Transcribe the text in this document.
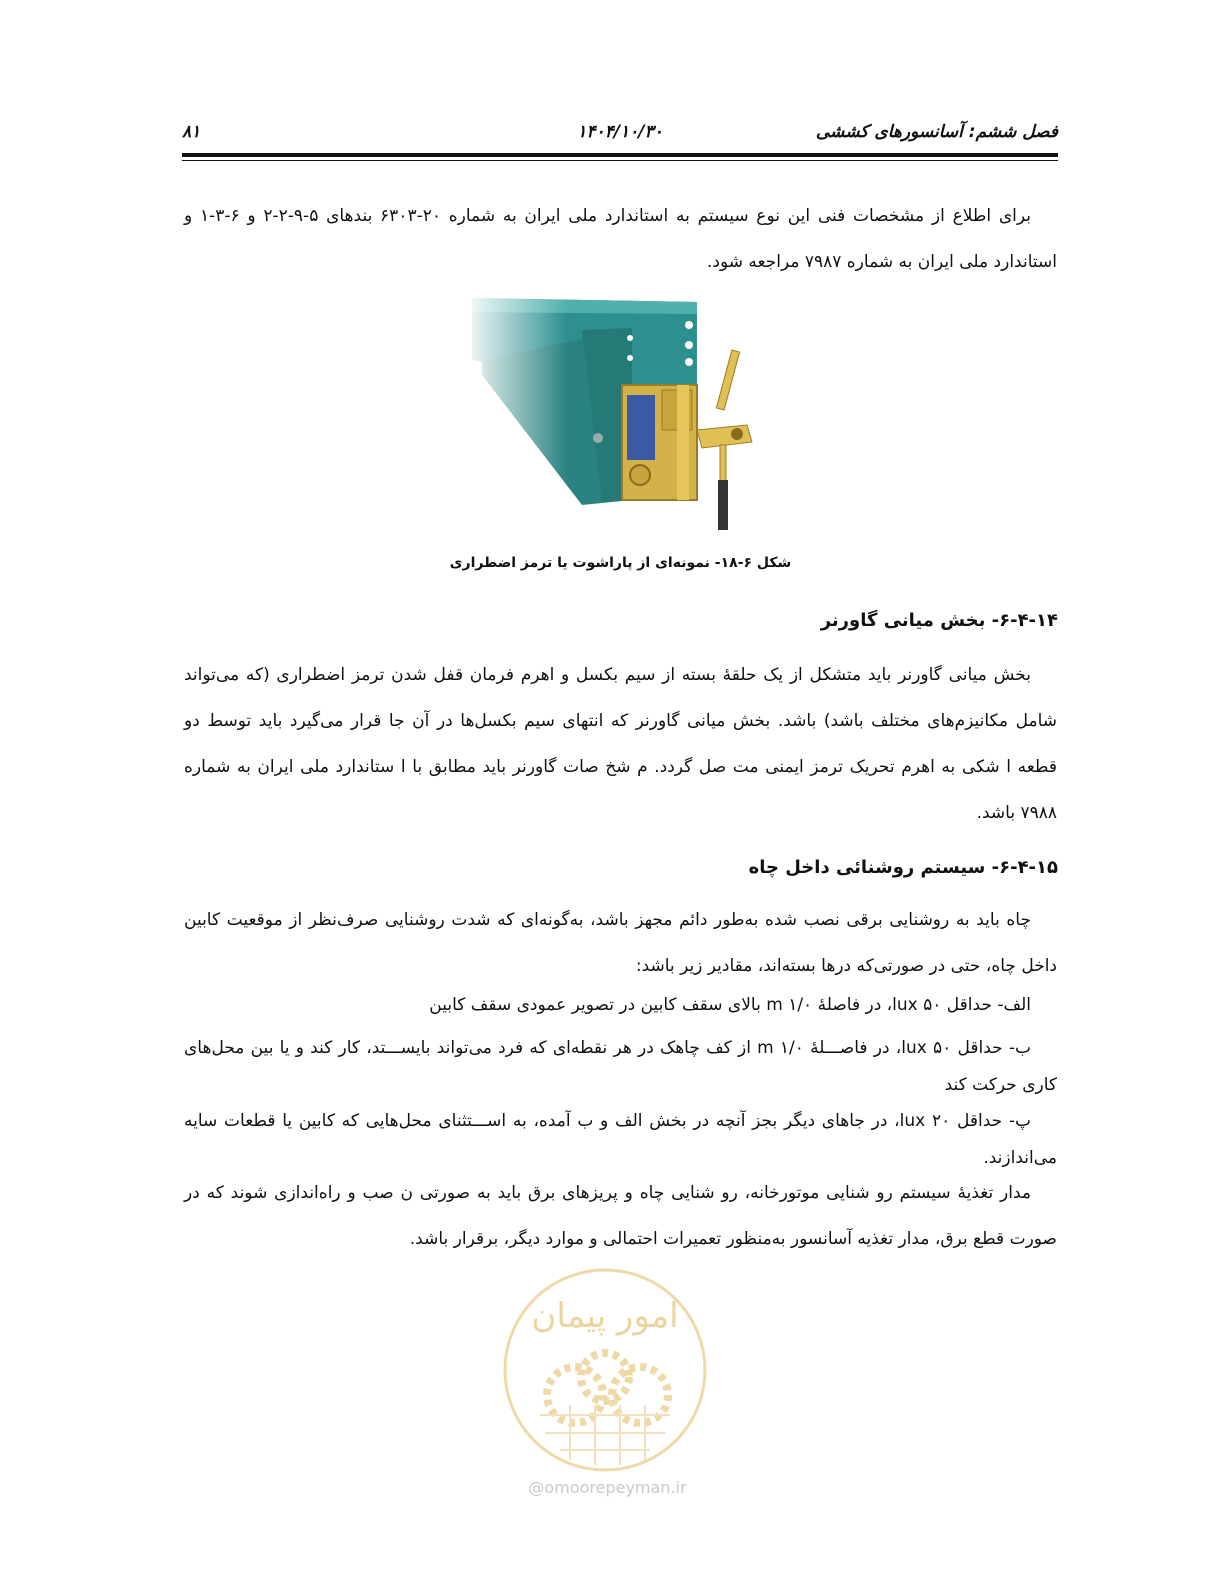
فصل ششم: آسانسورهای کششی
۱۴۰۴/۱۰/۳۰
۸۱
برای اطلاع از مشخصات فنی این نوع سیستم به استاندارد ملی ایران به شماره ۲۰-۶۳۰۳ بندهای ۵-۹-۲-۲ و ۶-۳-۱ و استاندارد ملی ایران به شماره ۷۹۸۷ مراجعه شود.
شکل ۶-۱۸- نمونه‌ای از پاراشوت یا ترمز اضطراری
۶-۴-۱۴- بخش میانی گاورنر
بخش میانی گاورنر باید متشکل از یک حلقهٔ بسته از سیم بکسل و اهرم فرمان قفل شدن ترمز اضطراری (که می‌تواند شامل مکانیزم‌های مختلف باشد) باشد. بخش میانی گاورنر که انتهای سیم بکسل‌ها در آن جا قرار می‌گیرد باید توسط دو قطعه ا شکی به اهرم تحریک ترمز ایمنی مت صل گردد. م شخ صات گاورنر باید مطابق با ا ستاندارد ملی ایران به شماره ۷۹۸۸ باشد.
۶-۴-۱۵- سیستم روشنائی داخل چاه
چاه باید به روشنایی برقی نصب شده به‌طور دائم مجهز باشد، به‌گونه‌ای که شدت روشنایی صرف‌نظر از موقعیت کابین داخل چاه، حتی در صورتی‌که درها بسته‌اند، مقادیر زیر باشد:
الف- حداقل lux ۵۰، در فاصلهٔ m ۱/۰ بالای سقف کابین در تصویر عمودی سقف کابین
ب- حداقل lux ۵۰، در فاصـــلهٔ m ۱/۰ از کف چاهک در هر نقطه‌ای که فرد می‌تواند بایســـتد، کار کند و یا بین محل‌های کاری حرکت کند
پ- حداقل lux ۲۰، در جاهای دیگر بجز آنچه در بخش الف و ب آمده، به اســـتثنای محل‌هایی که کابین یا قطعات سایه می‌اندازند.
مدار تغذیهٔ سیستم رو شنایی موتورخانه، رو شنایی چاه و پریزهای برق باید به صورتی ن صب و راه‌اندازی شوند که در صورت قطع برق، مدار تغذیه آسانسور به‌منظور تعمیرات احتمالی و موارد دیگر، برقرار باشد.
امور پیمان
@omoorepeyman.ir
